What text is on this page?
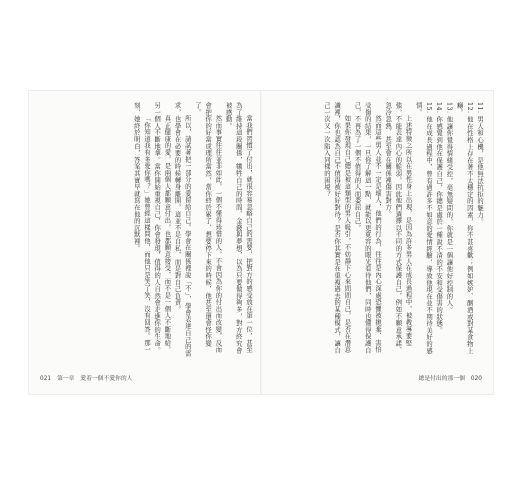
當我們習慣了付出，就很容易忽略自己的需要，把對方的感受放在第一位，甚至為了維持這段關係，犧牲自己的時間、金錢與夢想，以為只要做得夠多，對方終究會被感動。

然而事實往往並非如此，一個不懂得珍惜的人，不會因為你的付出而改變，反而會把你的好當成理所當然，當你終於累了、想要停下來的時候，他甚至還會怪你變了。

所以，請試著把一部分的愛留給自己。學會在關係裡說「不」，學會表達自己的需求，也學會在必要的時候轉身離開，這並不是自私，而是對自己負責。

真正健康的愛，是兩個人都願意付出，也都願意接受，而不是一個人不斷地給，另一個人不斷地拿。當你開始重視自己，你會發現，值得的人自然會走進你的生命。

「你知道我有多愛你嗎？」她曾經這樣問他，而他只是笑了笑，沒有回答。那一刻，她終於明白，答案其實早就寫在他的沉默裡。

021 第一章　愛着一個不愛你的人

11. 男人和心機，是他無法抗拒的魅力。

12. 他在性格上存在著不太穩定的因素，你不甚喜歡；例如嫉妒、酗酒或對某食物上癮。

13. 他讓你覺得情緒受控，毫無疑問的，你就是一個讓他好控制的人。

14. 你感覺到他在保護自己，你總是處於一種說不清的不安和受傷害的狀態。

15. 他在成長過程中，曾有過許多不如意的愛情經驗，導致他現在並不期待美好的感情。

上述特徵之所以在男性身上出現，是因為許多男人在成長過程中，被教導要堅強，不能表達內心的脆弱，因此他們選擇以不同的方式保護自己，例如不願意承諾、忽冷忽熱、甚至會在關係裡傷害對方。

然而這些男人並不一定是壞人，他們的行為，往往是內心深處恐懼被拋棄、害怕受傷的結果，一旦你了解這一點，就能以更寬容的眼光看待他們，同時也懂得保護自己，不再為了一個不值得的人而委屈自己。

如果你發現自己總是被這類型的男人吸引，不妨靜下心來問問自己，是否在潛意識裡，你也認為自己不值得被好好對待？是否你其實是在重複過去的某種模式，讓自己一次又一次陷入同樣的困境？

總是付出的那一個 020
